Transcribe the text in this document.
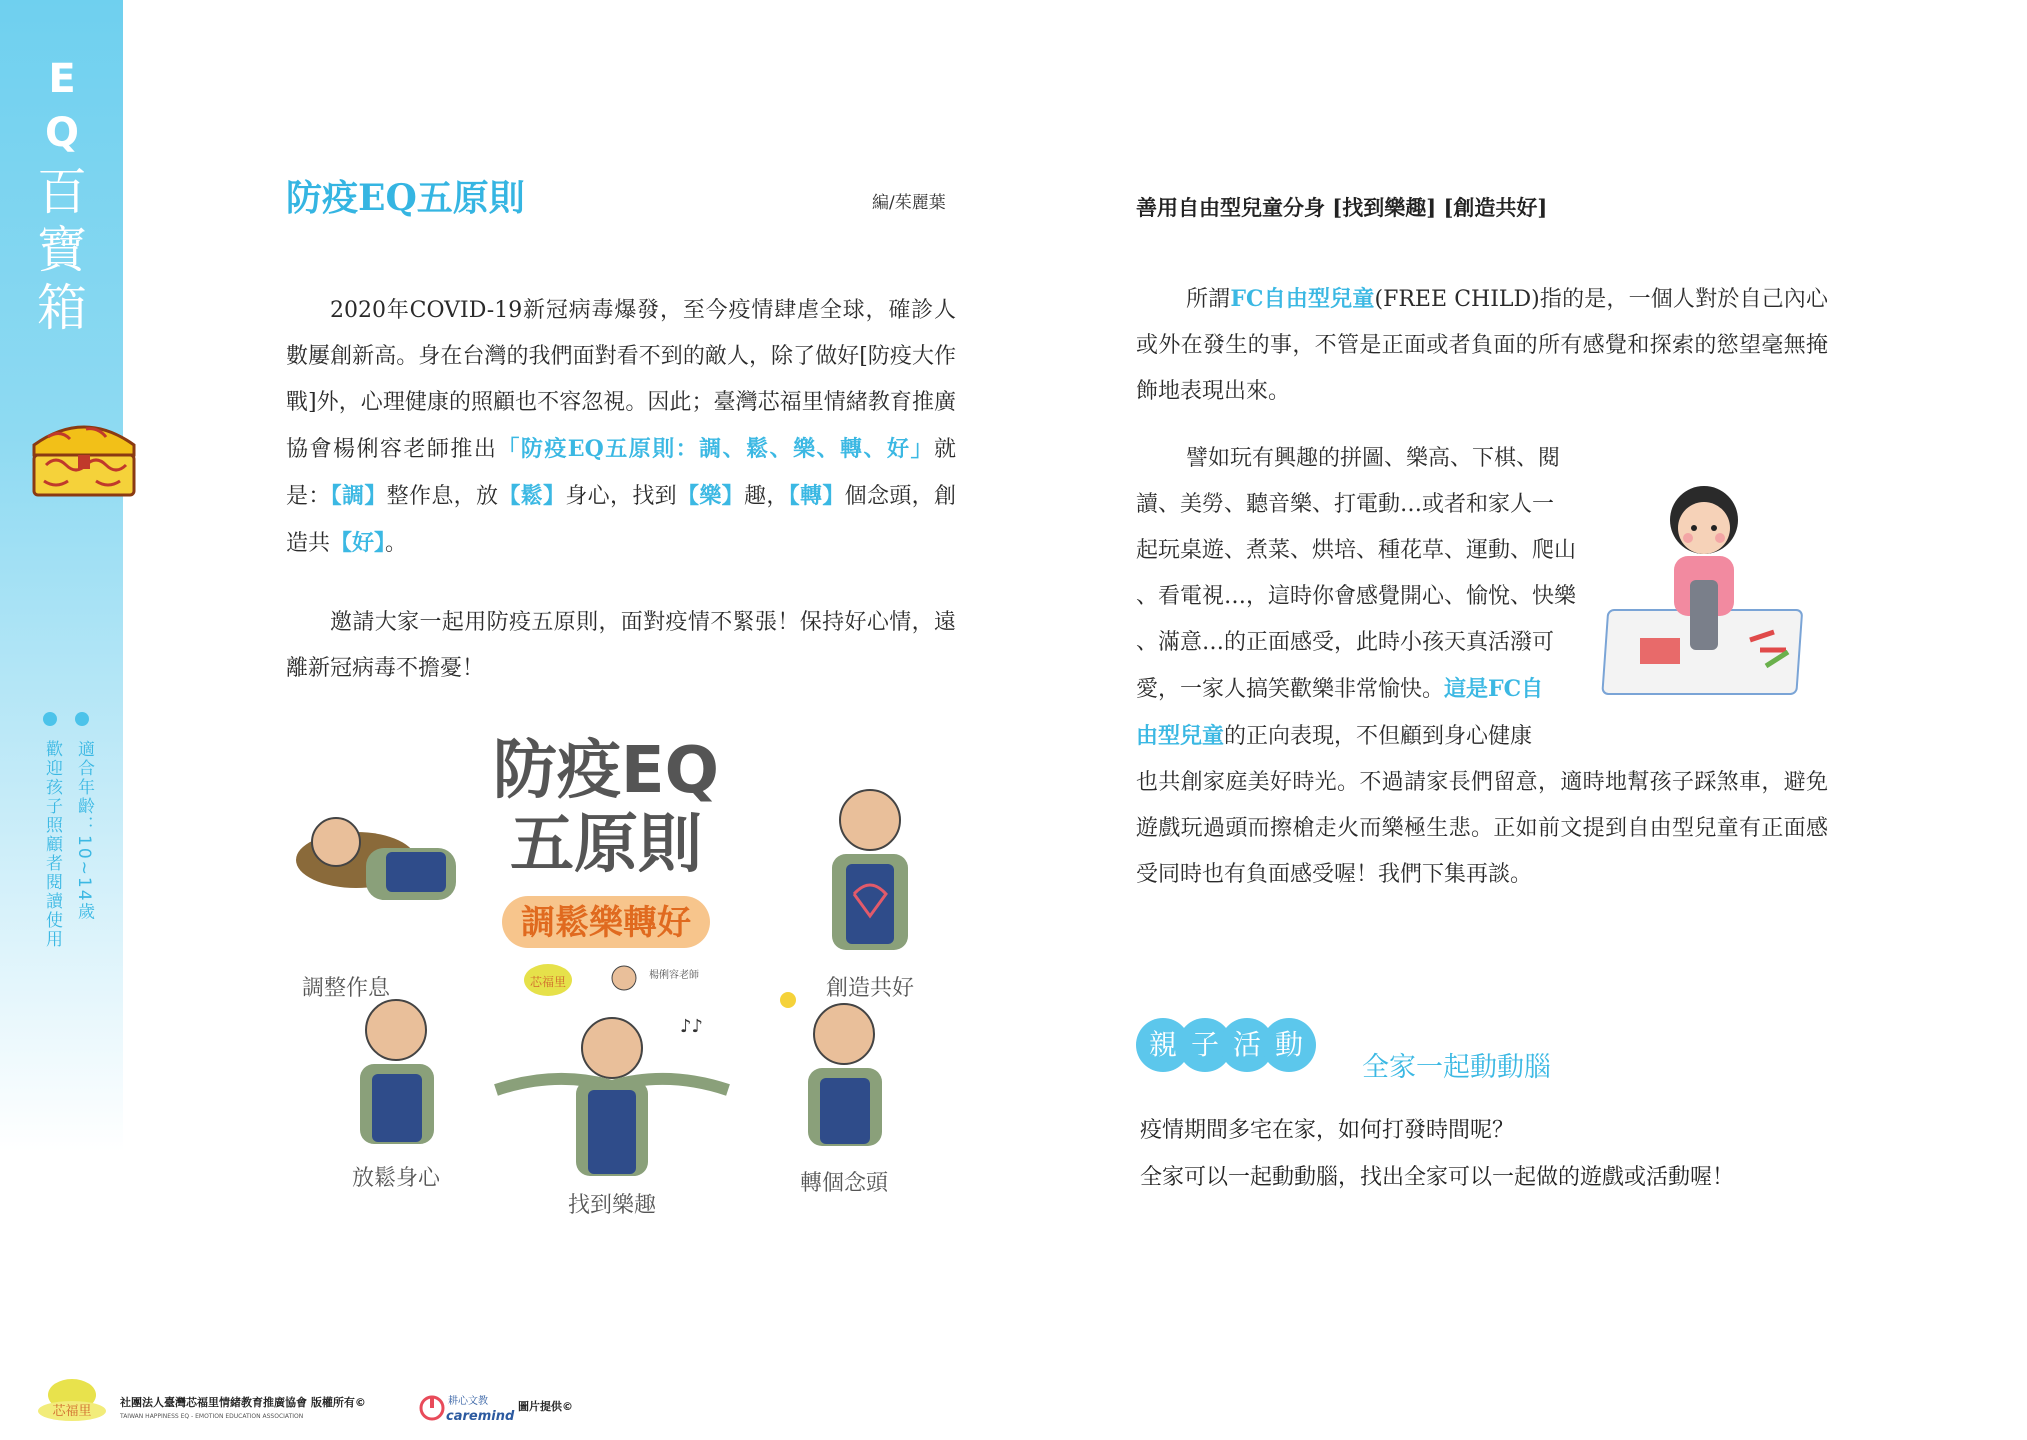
E
Q
百
寶
箱
適合年齡：10~14歲
歡迎孩子照顧者閱讀使用
防疫EQ五原則	編/茱麗葉
2020年COVID-19新冠病毒爆發，至今疫情肆虐全球，確診人數屢創新高。身在台灣的我們面對看不到的敵人，除了做好[防疫大作戰]外，心理健康的照顧也不容忽視。因此；臺灣芯福里情緒教育推廣協會楊俐容老師推出「防疫EQ五原則：調、鬆、樂、轉、好」就是：【調】整作息，放【鬆】身心，找到【樂】趣，【轉】個念頭，創造共【好】。
邀請大家一起用防疫五原則，面對疫情不緊張！保持好心情，遠離新冠病毒不擔憂！
防疫EQ
五原則
調鬆樂轉好
調整作息	創造共好
芯福里	楊俐容老師
放鬆身心
♪♪
找到樂趣
轉個念頭
善用自由型兒童分身 [找到樂趣] [創造共好]
所謂FC自由型兒童(FREE CHILD)指的是，一個人對於自己內心或外在發生的事，不管是正面或者負面的所有感覺和探索的慾望毫無掩飾地表現出來。
譬如玩有興趣的拼圖、樂高、下棋、閱
讀、美勞、聽音樂、打電動…或者和家人一
起玩桌遊、煮菜、烘培、種花草、運動、爬山
、看電視…，這時你會感覺開心、愉悅、快樂
、滿意…的正面感受，此時小孩天真活潑可
愛，一家人搞笑歡樂非常愉快。這是FC自
由型兒童的正向表現，不但顧到身心健康
也共創家庭美好時光。不過請家長們留意，適時地幫孩子踩煞車，避免遊戲玩過頭而擦槍走火而樂極生悲。正如前文提到自由型兒童有正面感受同時也有負面感受喔！我們下集再談。
親 子 活 動
全家一起動動腦
疫情期間多宅在家，如何打發時間呢？
全家可以一起動動腦，找出全家可以一起做的遊戲或活動喔！
芯福里
社團法人臺灣芯福里情緒教育推廣協會 版權所有©
TAIWAN HAPPINESS EQ - EMOTION EDUCATION ASSOCIATION
耕心文教
caremind
圖片提供©
